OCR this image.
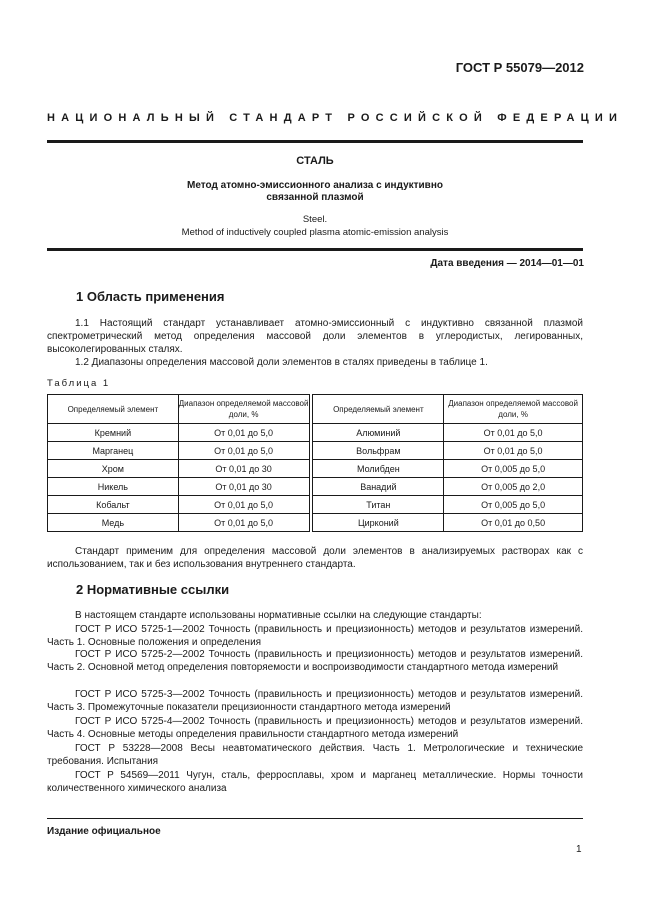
ГОСТ Р 55079—2012
НАЦИОНАЛЬНЫЙ СТАНДАРТ РОССИЙСКОЙ ФЕДЕРАЦИИ
СТАЛЬ
Метод атомно-эмиссионного анализа с индуктивно
связанной плазмой
Steel.
Method of inductively coupled plasma atomic-emission analysis
Дата введения — 2014—01—01
1 Область применения

1.1 Настоящий стандарт устанавливает атомно-эмиссионный с индуктивно связанной плазмой спектрометрический метод определения массовой доли элементов в углеродистых, легированных, высоколегированных сталях.

1.2 Диапазоны определения массовой доли элементов в сталях приведены в таблице 1.

Таблица 1
Определяемый элемент	Диапазон определяемой массовой доли, %		Определяемый элемент	Диапазон определяемой массовой доли, %
Кремний	От 0,01 до 5,0		Алюминий	От 0,01 до 5,0
Марганец	От 0,01 до 5,0		Вольфрам	От 0,01 до 5,0
Хром	От 0,01 до 30		Молибден	От 0,005 до 5,0
Никель	От 0,01 до 30		Ванадий	От 0,005 до 2,0
Кобальт	От 0,01 до 5,0		Титан	От 0,005 до 5,0
Медь	От 0,01 до 5,0		Цирконий	От 0,01 до 0,50

Стандарт применим для определения массовой доли элементов в анализируемых растворах как с использованием, так и без использования внутреннего стандарта.

2 Нормативные ссылки

В настоящем стандарте использованы нормативные ссылки на следующие стандарты:

ГОСТ Р ИСО 5725-1—2002 Точность (правильность и прецизионность) методов и результатов измерений. Часть 1. Основные положения и определения

ГОСТ Р ИСО 5725-2—2002 Точность (правильность и прецизионность) методов и результатов измерений. Часть 2. Основной метод определения повторяемости и воспроизводимости стандартного метода измерений

ГОСТ Р ИСО 5725-3—2002 Точность (правильность и прецизионность) методов и результатов измерений. Часть 3. Промежуточные показатели прецизионности стандартного метода измерений

ГОСТ Р ИСО 5725-4—2002 Точность (правильность и прецизионность) методов и результатов измерений. Часть 4. Основные методы определения правильности стандартного метода измерений

ГОСТ Р 53228—2008 Весы неавтоматического действия. Часть 1. Метрологические и технические требования. Испытания

ГОСТ Р 54569—2011 Чугун, сталь, ферросплавы, хром и марганец металлические. Нормы точности количественного химического анализа

Издание официальное
1
